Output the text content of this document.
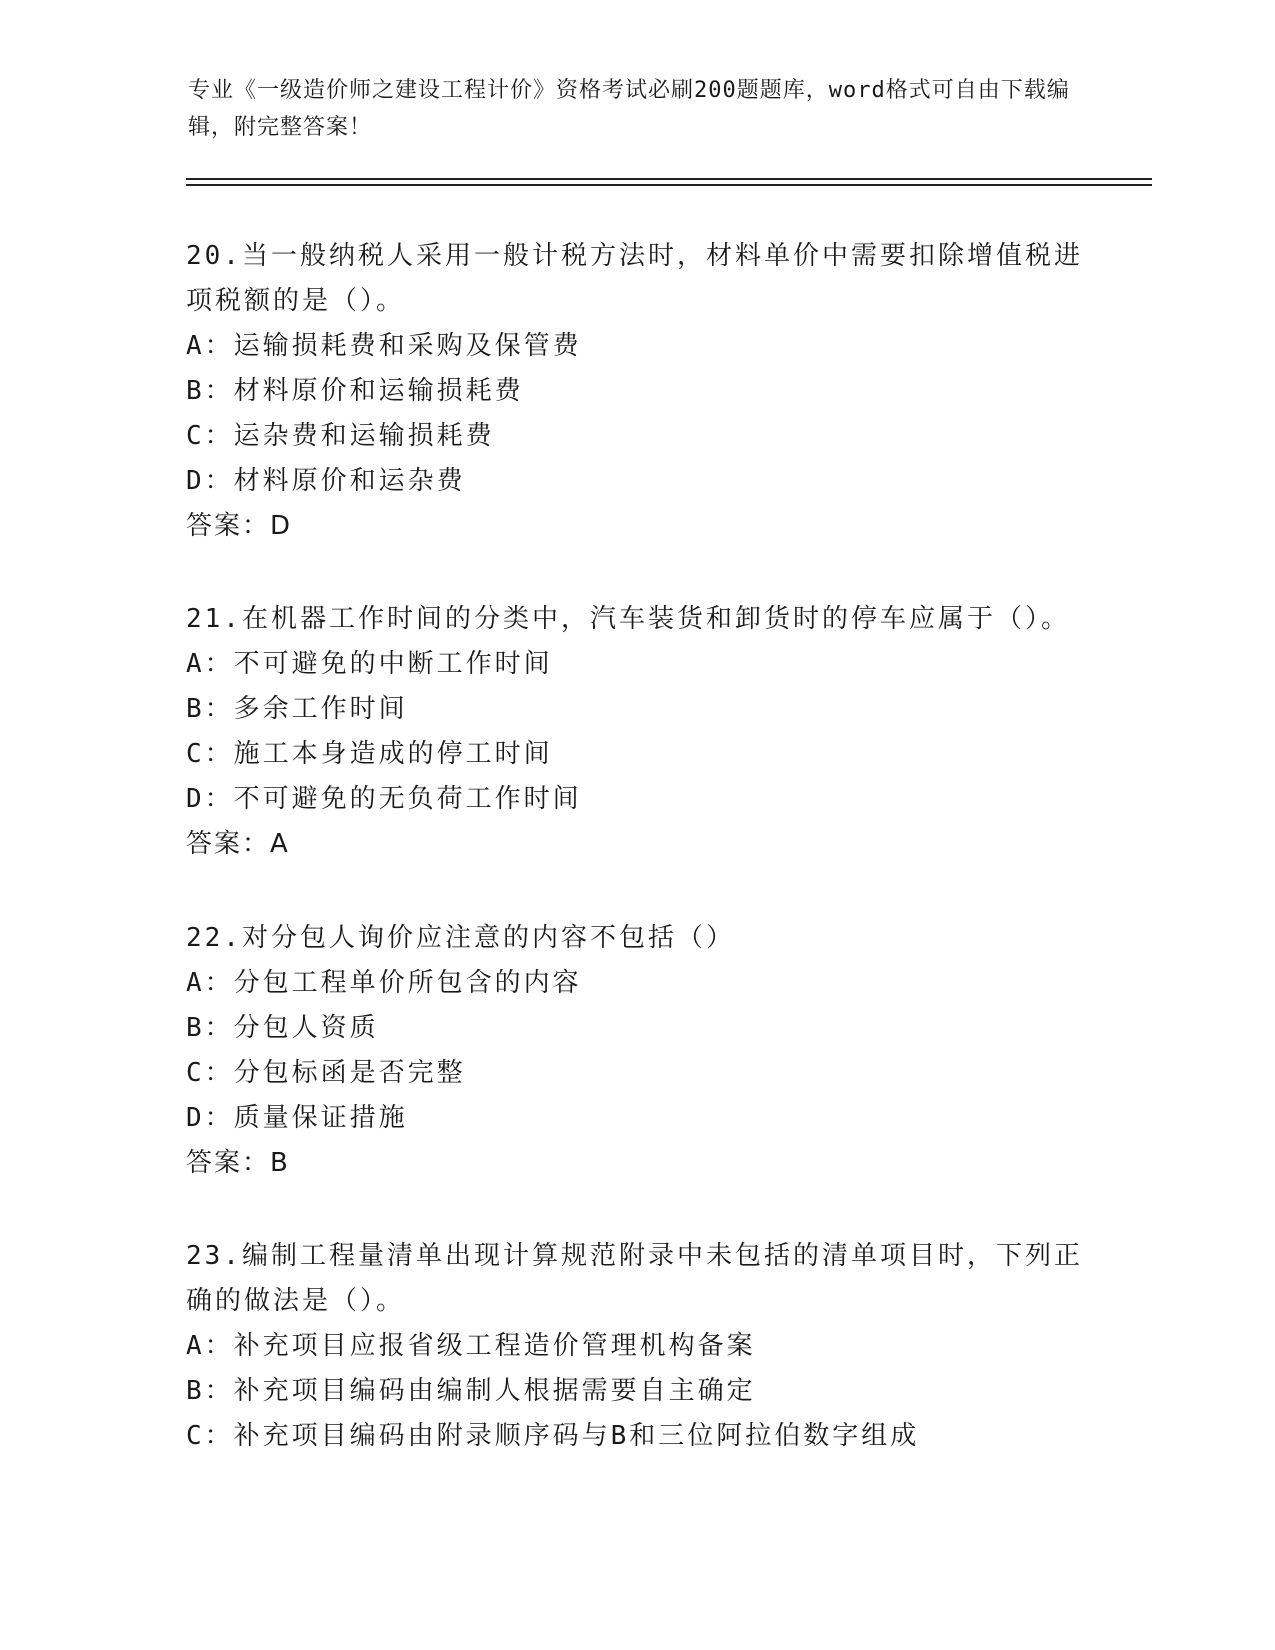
专业《一级造价师之建设工程计价》资格考试必刷200题题库，word格式可自由下载编辑，附完整答案！
20.当一般纳税人采用一般计税方法时，材料单价中需要扣除增值税进项税额的是（）。
A：运输损耗费和采购及保管费
B：材料原价和运输损耗费
C：运杂费和运输损耗费
D：材料原价和运杂费
答案：D
21.在机器工作时间的分类中，汽车装货和卸货时的停车应属于（）。
A：不可避免的中断工作时间
B：多余工作时间
C：施工本身造成的停工时间
D：不可避免的无负荷工作时间
答案：A
22.对分包人询价应注意的内容不包括（）
A：分包工程单价所包含的内容
B：分包人资质
C：分包标函是否完整
D：质量保证措施
答案：B
23.编制工程量清单出现计算规范附录中未包括的清单项目时，下列正确的做法是（）。
A：补充项目应报省级工程造价管理机构备案
B：补充项目编码由编制人根据需要自主确定
C：补充项目编码由附录顺序码与B和三位阿拉伯数字组成
